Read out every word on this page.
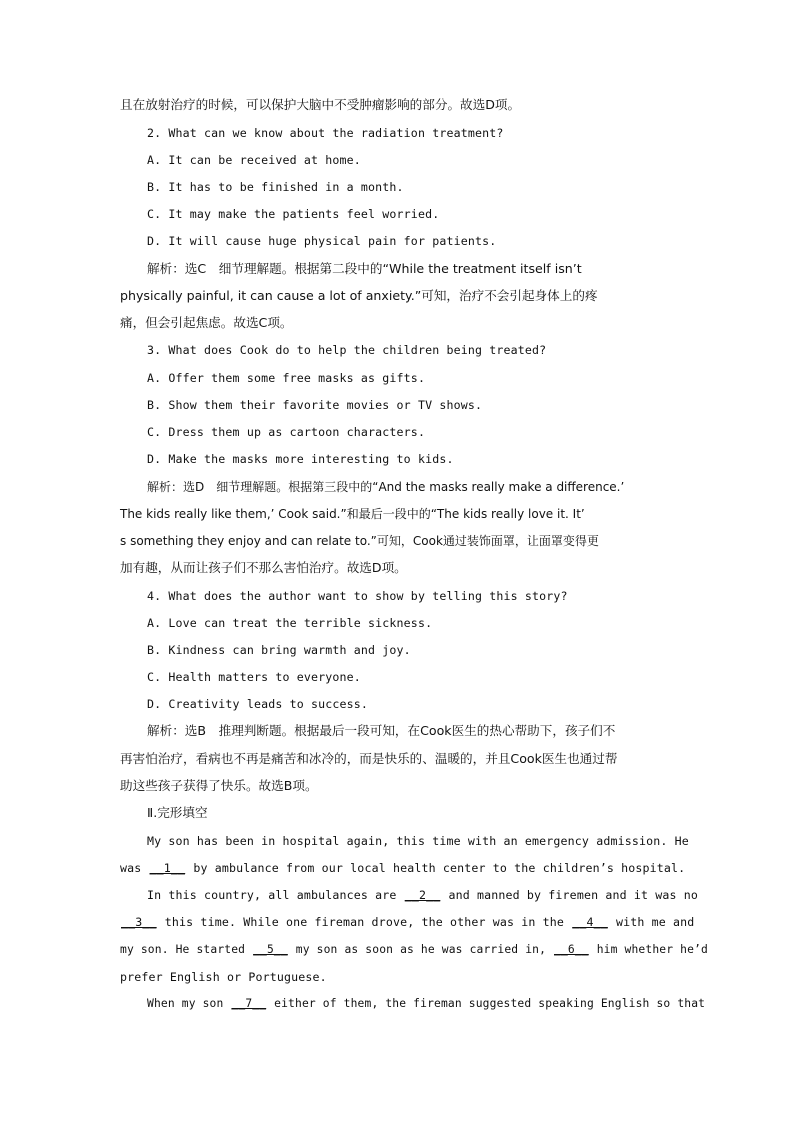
且在放射治疗的时候，可以保护大脑中不受肿瘤影响的部分。故选D项。
2. What can we know about the radiation treatment?
A. It can be received at home.
B. It has to be finished in a month.
C. It may make the patients feel worried.
D. It will cause huge physical pain for patients.
解析：选C　细节理解题。根据第二段中的“While the treatment itself isn’t
physically painful, it can cause a lot of anxiety.”可知，治疗不会引起身体上的疼
痛，但会引起焦虑。故选C项。
3. What does Cook do to help the children being treated?
A. Offer them some free masks as gifts.
B. Show them their favorite movies or TV shows.
C. Dress them up as cartoon characters.
D. Make the masks more interesting to kids.
解析：选D　细节理解题。根据第三段中的“And the masks really make a difference.’
The kids really like them,’ Cook said.”和最后一段中的“The kids really love it. It’
s something they enjoy and can relate to.”可知，Cook通过装饰面罩，让面罩变得更
加有趣，从而让孩子们不那么害怕治疗。故选D项。
4. What does the author want to show by telling this story?
A. Love can treat the terrible sickness.
B. Kindness can bring warmth and joy.
C. Health matters to everyone.
D. Creativity leads to success.
解析：选B　推理判断题。根据最后一段可知，在Cook医生的热心帮助下，孩子们不
再害怕治疗，看病也不再是痛苦和冰冷的，而是快乐的、温暖的，并且Cook医生也通过帮
助这些孩子获得了快乐。故选B项。
Ⅱ.完形填空
My son has been in hospital again, this time with an emergency admission. He
was __1__ by ambulance from our local health center to the children’s hospital.
In this country, all ambulances are __2__ and manned by firemen and it was no
__3__ this time. While one fireman drove, the other was in the __4__ with me and
my son. He started __5__ my son as soon as he was carried in, __6__ him whether he’d
prefer English or Portuguese.
When my son __7__ either of them, the fireman suggested speaking English so that
